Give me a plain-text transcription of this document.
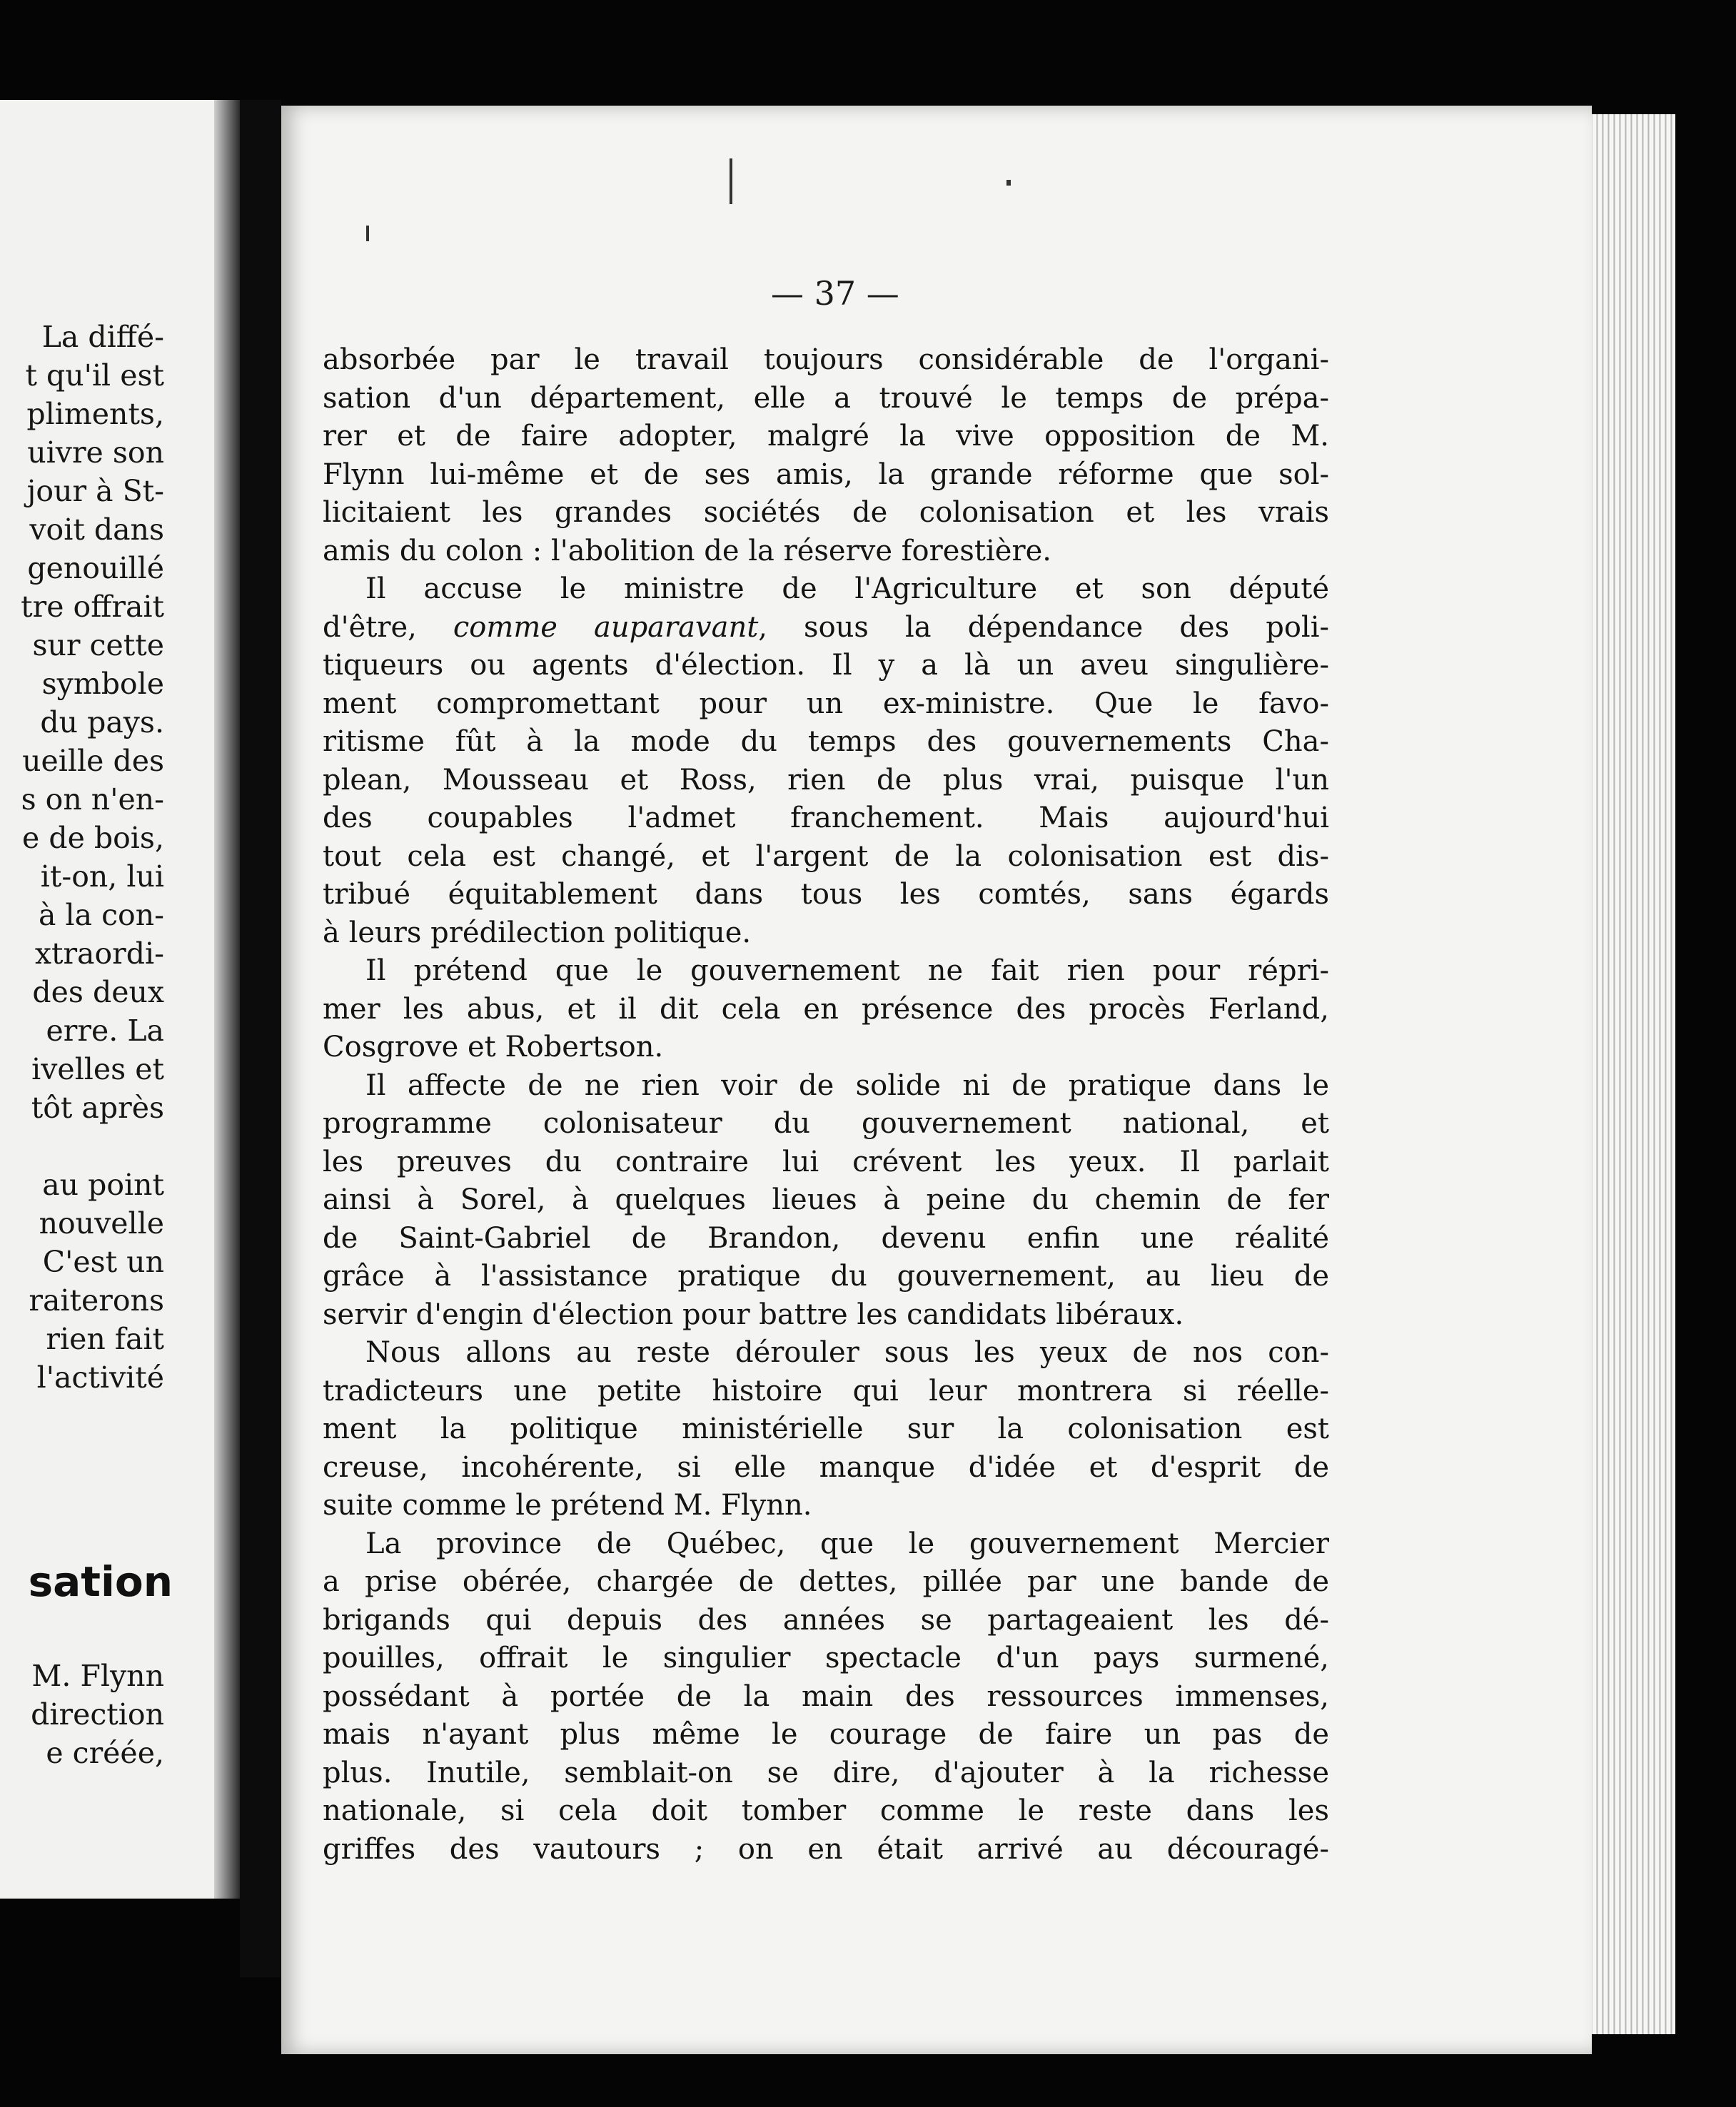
La diffé-
t qu'il est
pliments,
uivre son
jour à St-
voit dans
genouillé
tre offrait
sur cette
symbole
du pays.
ueille des
s on n'en-
e de bois,
it-on, lui
à la con-
xtraordi-
des deux
erre. La
ivelles et
tôt après
au point
nouvelle
C'est un
raiterons
rien fait
l'activité
sation
M. Flynn
direction
e créée,
— 37 —
absorbée par le travail toujours considérable de l'organi-
sation d'un département, elle a trouvé le temps de prépa-
rer et de faire adopter, malgré la vive opposition de M.
Flynn lui-même et de ses amis, la grande réforme que sol-
licitaient les grandes sociétés de colonisation et les vrais
amis du colon : l'abolition de la réserve forestière.
Il accuse le ministre de l'Agriculture et son député
d'être, comme auparavant, sous la dépendance des poli-
tiqueurs ou agents d'élection. Il y a là un aveu singulière-
ment compromettant pour un ex-ministre. Que le favo-
ritisme fût à la mode du temps des gouvernements Cha-
plean, Mousseau et Ross, rien de plus vrai, puisque l'un
des coupables l'admet franchement. Mais aujourd'hui
tout cela est changé, et l'argent de la colonisation est dis-
tribué équitablement dans tous les comtés, sans égards
à leurs prédilection politique.
Il prétend que le gouvernement ne fait rien pour répri-
mer les abus, et il dit cela en présence des procès Ferland,
Cosgrove et Robertson.
Il affecte de ne rien voir de solide ni de pratique dans le
programme colonisateur du gouvernement national, et
les preuves du contraire lui crévent les yeux. Il parlait
ainsi à Sorel, à quelques lieues à peine du chemin de fer
de Saint-Gabriel de Brandon, devenu enfin une réalité
grâce à l'assistance pratique du gouvernement, au lieu de
servir d'engin d'élection pour battre les candidats libéraux.
Nous allons au reste dérouler sous les yeux de nos con-
tradicteurs une petite histoire qui leur montrera si réelle-
ment la politique ministérielle sur la colonisation est
creuse, incohérente, si elle manque d'idée et d'esprit de
suite comme le prétend M. Flynn.
La province de Québec, que le gouvernement Mercier
a prise obérée, chargée de dettes, pillée par une bande de
brigands qui depuis des années se partageaient les dé-
pouilles, offrait le singulier spectacle d'un pays surmené,
possédant à portée de la main des ressources immenses,
mais n'ayant plus même le courage de faire un pas de
plus. Inutile, semblait-on se dire, d'ajouter à la richesse
nationale, si cela doit tomber comme le reste dans les
griffes des vautours ; on en était arrivé au découragé-
